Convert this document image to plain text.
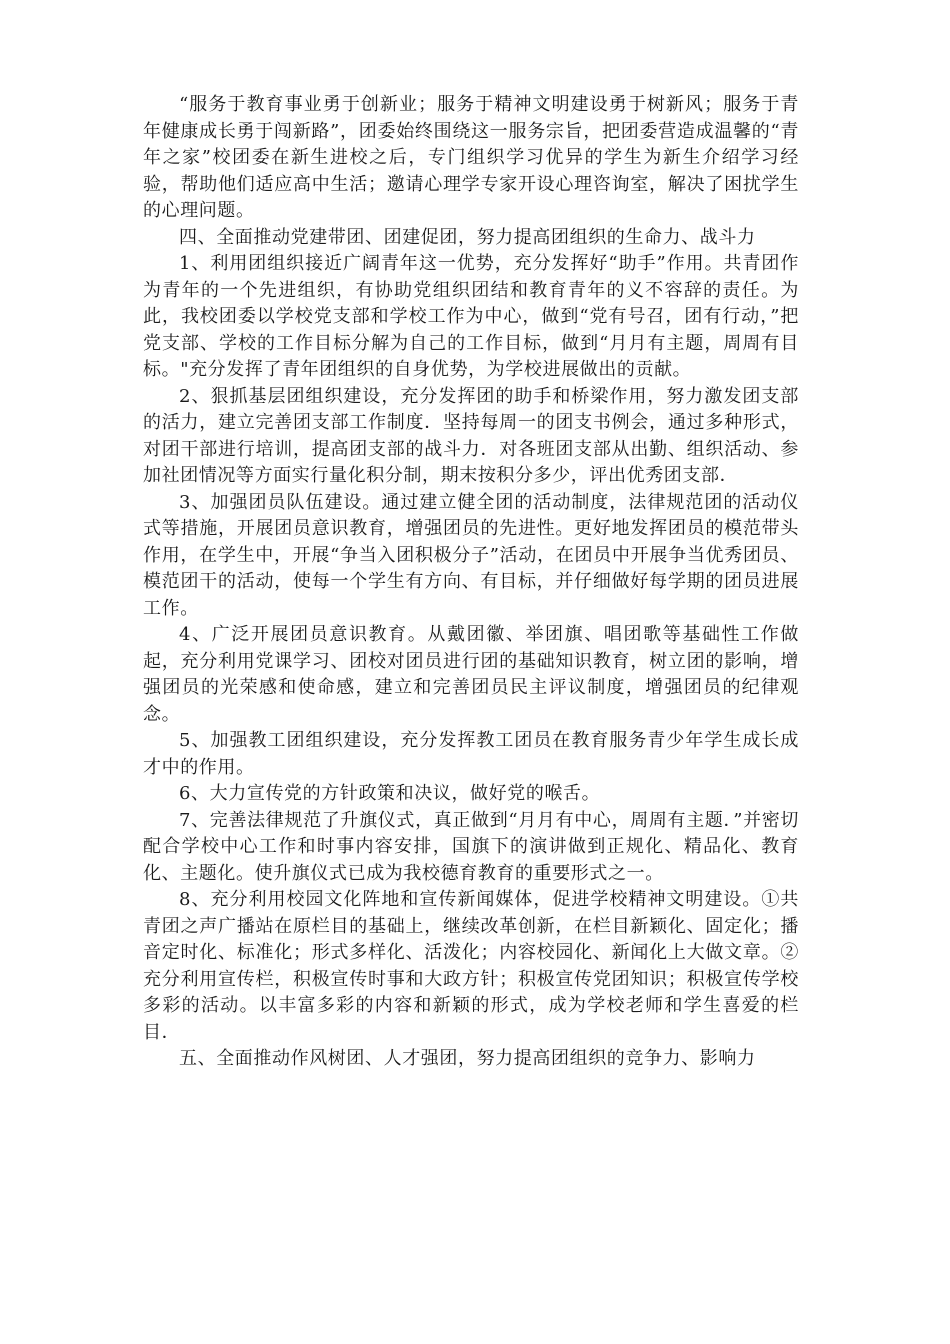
“服务于教育事业勇于创新业；服务于精神文明建设勇于树新风；服务于青年健康成长勇于闯新路”，团委始终围绕这一服务宗旨，把团委营造成温馨的“青年之家”校团委在新生进校之后，专门组织学习优异的学生为新生介绍学习经验，帮助他们适应高中生活；邀请心理学专家开设心理咨询室，解决了困扰学生的心理问题。

四、全面推动党建带团、团建促团，努力提高团组织的生命力、战斗力

1、利用团组织接近广阔青年这一优势，充分发挥好“助手”作用。共青团作为青年的一个先进组织，有协助党组织团结和教育青年的义不容辞的责任。为此，我校团委以学校党支部和学校工作为中心，做到“党有号召，团有行动，”把党支部、学校的工作目标分解为自己的工作目标，做到“月月有主题，周周有目标。"充分发挥了青年团组织的自身优势，为学校进展做出的贡献。

2、狠抓基层团组织建设，充分发挥团的助手和桥梁作用，努力激发团支部的活力，建立完善团支部工作制度．坚持每周一的团支书例会，通过多种形式，对团干部进行培训，提高团支部的战斗力．对各班团支部从出勤、组织活动、参加社团情况等方面实行量化积分制，期末按积分多少，评出优秀团支部．

3、加强团员队伍建设。通过建立健全团的活动制度，法律规范团的活动仪式等措施，开展团员意识教育，增强团员的先进性。更好地发挥团员的模范带头作用，在学生中，开展“争当入团积极分子”活动，在团员中开展争当优秀团员、模范团干的活动，使每一个学生有方向、有目标，并仔细做好每学期的团员进展工作。

4、广泛开展团员意识教育。从戴团徽、举团旗、唱团歌等基础性工作做起，充分利用党课学习、团校对团员进行团的基础知识教育，树立团的影响，增强团员的光荣感和使命感，建立和完善团员民主评议制度，增强团员的纪律观念。

5、加强教工团组织建设，充分发挥教工团员在教育服务青少年学生成长成才中的作用。

6、大力宣传党的方针政策和决议，做好党的喉舌。

7、完善法律规范了升旗仪式，真正做到“月月有中心，周周有主题．”并密切配合学校中心工作和时事内容安排，国旗下的演讲做到正规化、精品化、教育化、主题化。使升旗仪式已成为我校德育教育的重要形式之一。

8、充分利用校园文化阵地和宣传新闻媒体，促进学校精神文明建设。①共青团之声广播站在原栏目的基础上，继续改革创新，在栏目新颖化、固定化；播音定时化、标准化；形式多样化、活泼化；内容校园化、新闻化上大做文章。②充分利用宣传栏，积极宣传时事和大政方针；积极宣传党团知识；积极宣传学校多彩的活动。以丰富多彩的内容和新颖的形式，成为学校老师和学生喜爱的栏目．

五、全面推动作风树团、人才强团，努力提高团组织的竞争力、影响力
